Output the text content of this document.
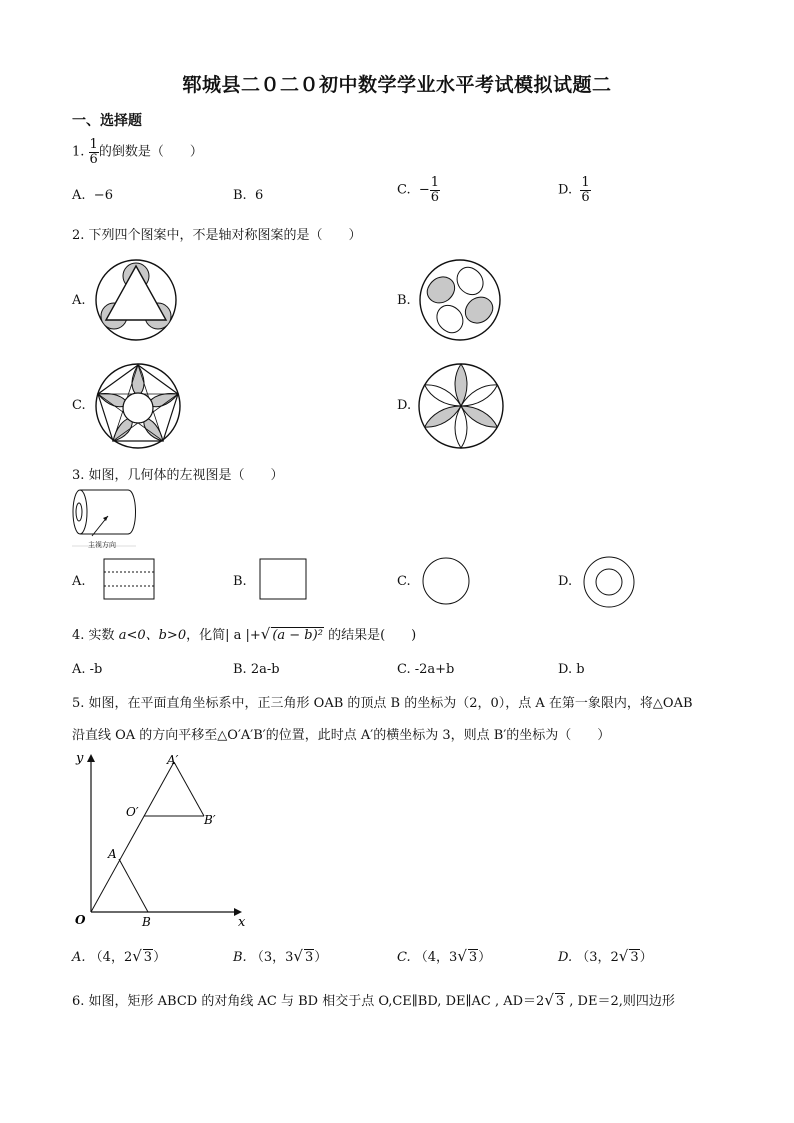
郓城县二０二０初中数学学业水平考试模拟试题二
一、选择题
1. $\frac{1}{6}$ 的倒数是（　　）
A. −6	B. 6	C. − $\frac{1}{6}$	D. $\frac{1}{6}$
2. 下列四个图案中，不是轴对称图案的是（　　）
A.	B.
C.	D.
3. 如图，几何体的左视图是（　　）
主视方向
A.	B.	C.	D.
4. 实数 a<0、b>0，化简| a |+√ (a − b)² 的结果是(　　)
A. -b	B. 2a-b	C. -2a+b	D. b
5. 如图，在平面直角坐标系中，正三角形 OAB 的顶点 B 的坐标为（2，0），点 A 在第一象限内，将△OAB
沿直线 OA 的方向平移至△O′A′B′的位置，此时点 A′的横坐标为 3，则点 B′的坐标为（　　）
y
x
O	B
A
O′
A′
B′
A. （4，2√ 3）	B. （3，3√ 3）	C. （4，3√ 3）	D. （3，2√ 3）
6. 如图，矩形 ABCD 的对角线 AC 与 BD 相交于点 O,CE∥BD, DE∥AC , AD＝2√ 3 , DE＝2,则四边形
